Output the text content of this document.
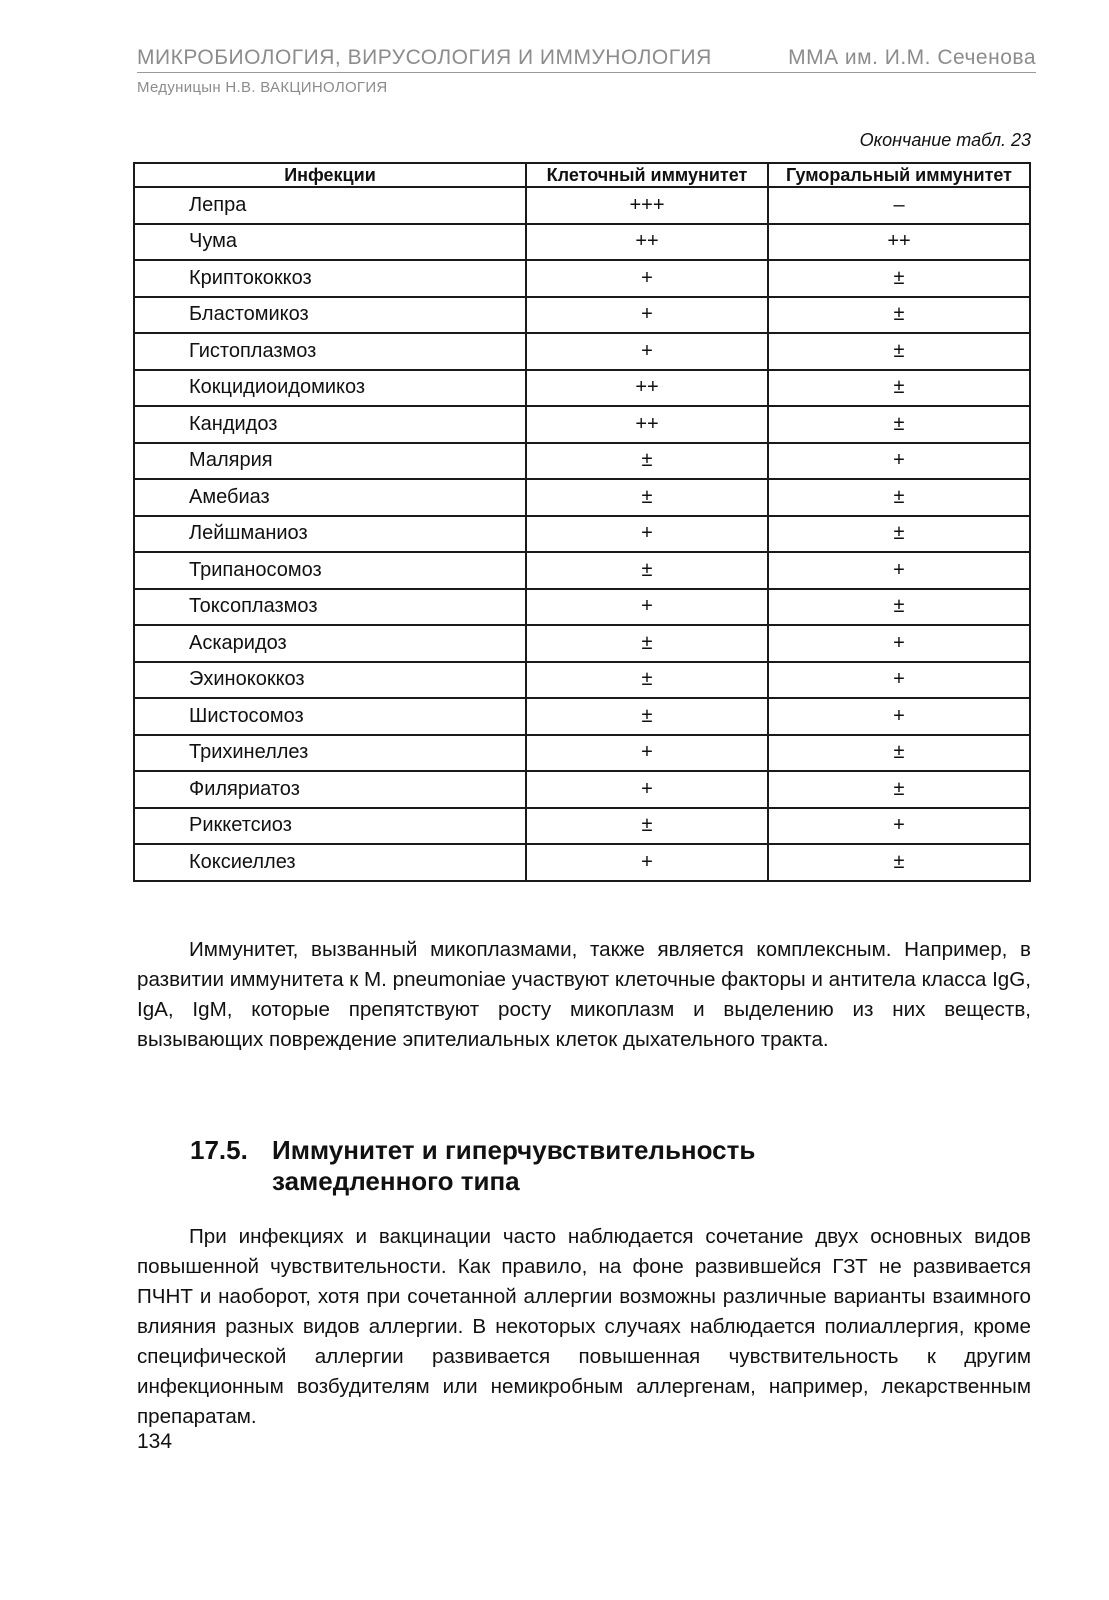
МИКРОБИОЛОГИЯ, ВИРУСОЛОГИЯ И ИММУНОЛОГИЯ	ММА им. И.М. Сеченова
Медуницын Н.В. ВАКЦИНОЛОГИЯ
Окончание табл. 23
Инфекции	Клеточный иммунитет	Гуморальный иммунитет
Лепра	+++	–
Чума	++	++
Криптококкоз	+	±
Бластомикоз	+	±
Гистоплазмоз	+	±
Кокцидиоидомикоз	++	±
Кандидоз	++	±
Малярия	±	+
Амебиаз	±	±
Лейшманиоз	+	±
Трипаносомоз	±	+
Токсоплазмоз	+	±
Аскаридоз	±	+
Эхинококкоз	±	+
Шистосомоз	±	+
Трихинеллез	+	±
Филяриатоз	+	±
Риккетсиоз	±	+
Коксиеллез	+	±

Иммунитет, вызванный микоплазмами, также является комплексным. Например, в развитии иммунитета к M. pneumoniae участвуют клеточные факторы и антитела класса IgG, IgA, IgM, которые препятствуют росту микоплазм и выделению из них веществ, вызывающих повреждение эпителиальных клеток дыхательного тракта.

17.5. Иммунитет и гиперчувствительность
замедленного типа

При инфекциях и вакцинации часто наблюдается сочетание двух основных видов повышенной чувствительности. Как правило, на фоне развившейся ГЗТ не развивается ПЧНТ и наоборот, хотя при сочетанной аллергии возможны различные варианты взаимного влияния разных видов аллергии. В некоторых случаях наблюдается полиаллергия, кроме специфической аллергии развивается повышенная чувствительность к другим инфекционным возбудителям или немикробным аллергенам, например, лекарственным препаратам.

134
